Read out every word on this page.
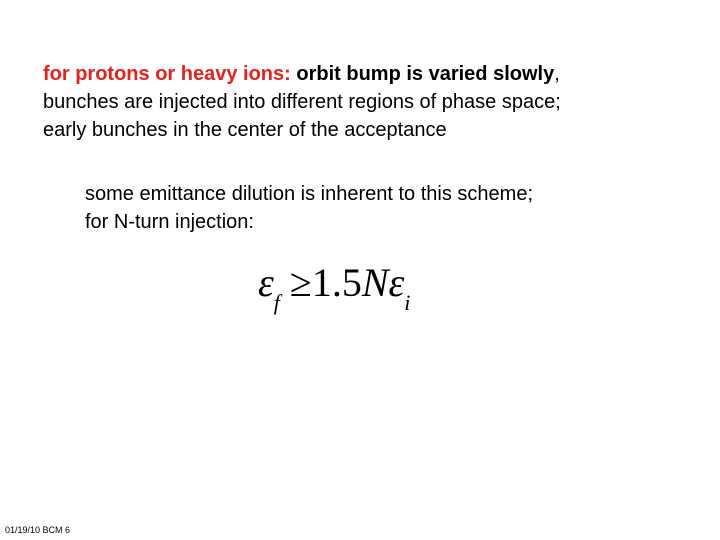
for protons or heavy ions: orbit bump is varied slowly,
bunches are injected into different regions of phase space;
early bunches in the center of the acceptance
some emittance dilution is inherent to this scheme;
for N-turn injection:
$\varepsilon_f \ge 1.5N\varepsilon_i$
01/19/10 BCM 6
